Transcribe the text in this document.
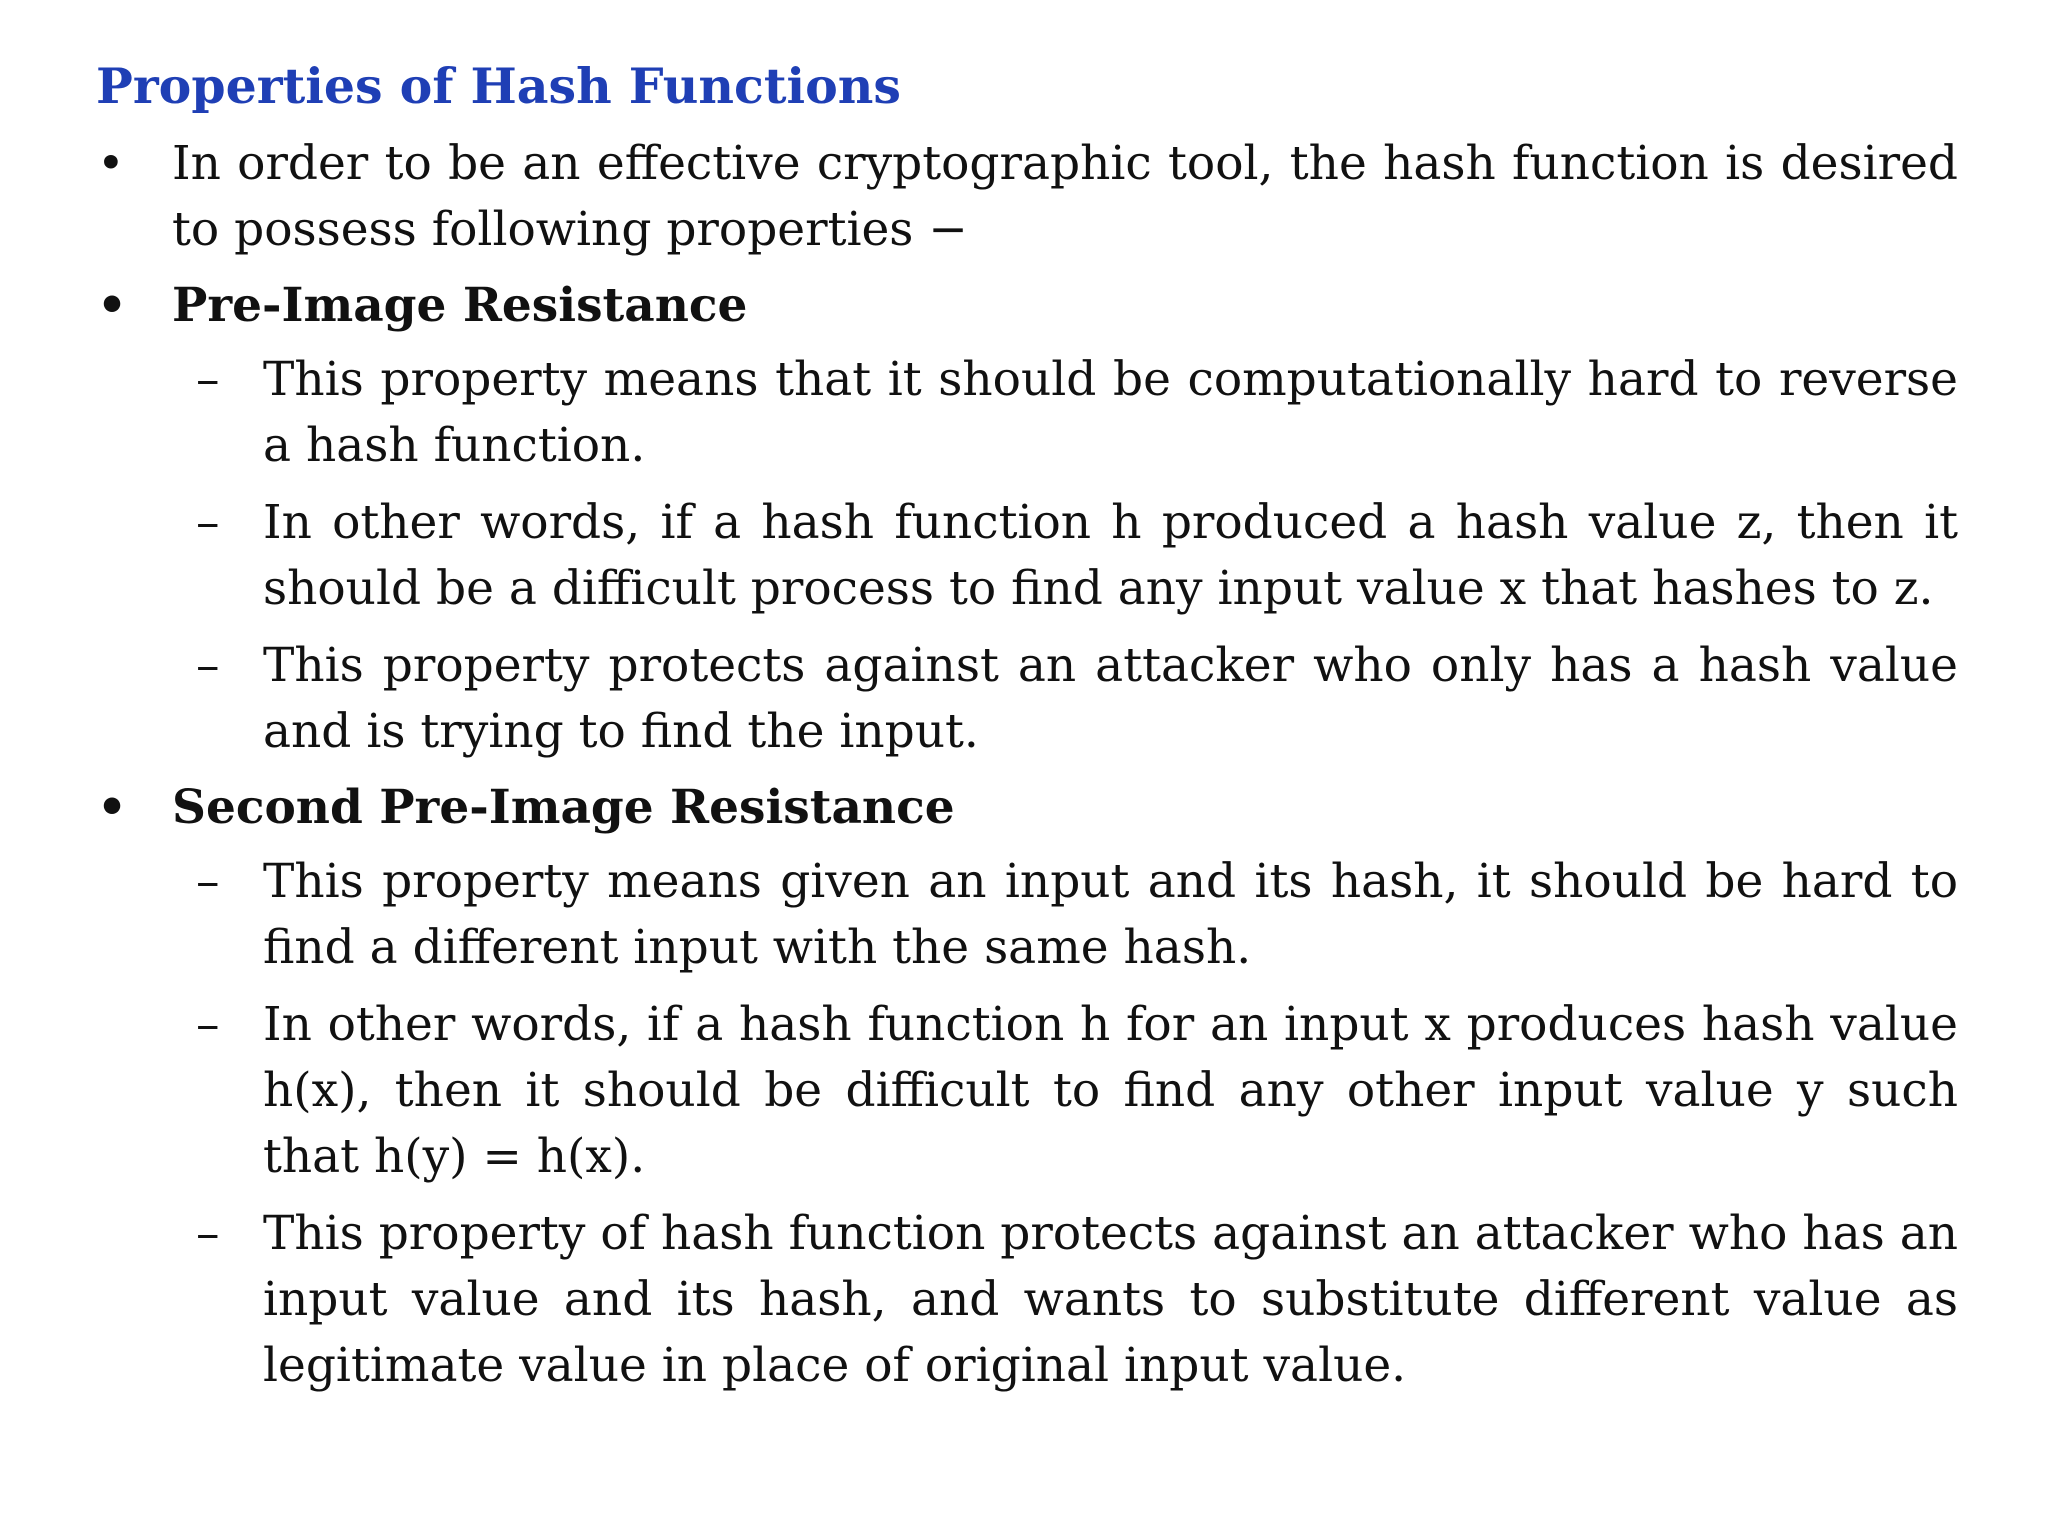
Properties of Hash Functions
• In order to be an effective cryptographic tool, the hash function is desired to possess following properties −
• Pre-Image Resistance
– This property means that it should be computationally hard to reverse a hash function.
– In other words, if a hash function h produced a hash value z, then it should be a difficult process to find any input value x that hashes to z.
– This property protects against an attacker who only has a hash value and is trying to find the input.
• Second Pre-Image Resistance
– This property means given an input and its hash, it should be hard to find a different input with the same hash.
– In other words, if a hash function h for an input x produces hash value h(x), then it should be difficult to find any other input value y such that h(y) = h(x).
– This property of hash function protects against an attacker who has an input value and its hash, and wants to substitute different value as legitimate value in place of original input value.
